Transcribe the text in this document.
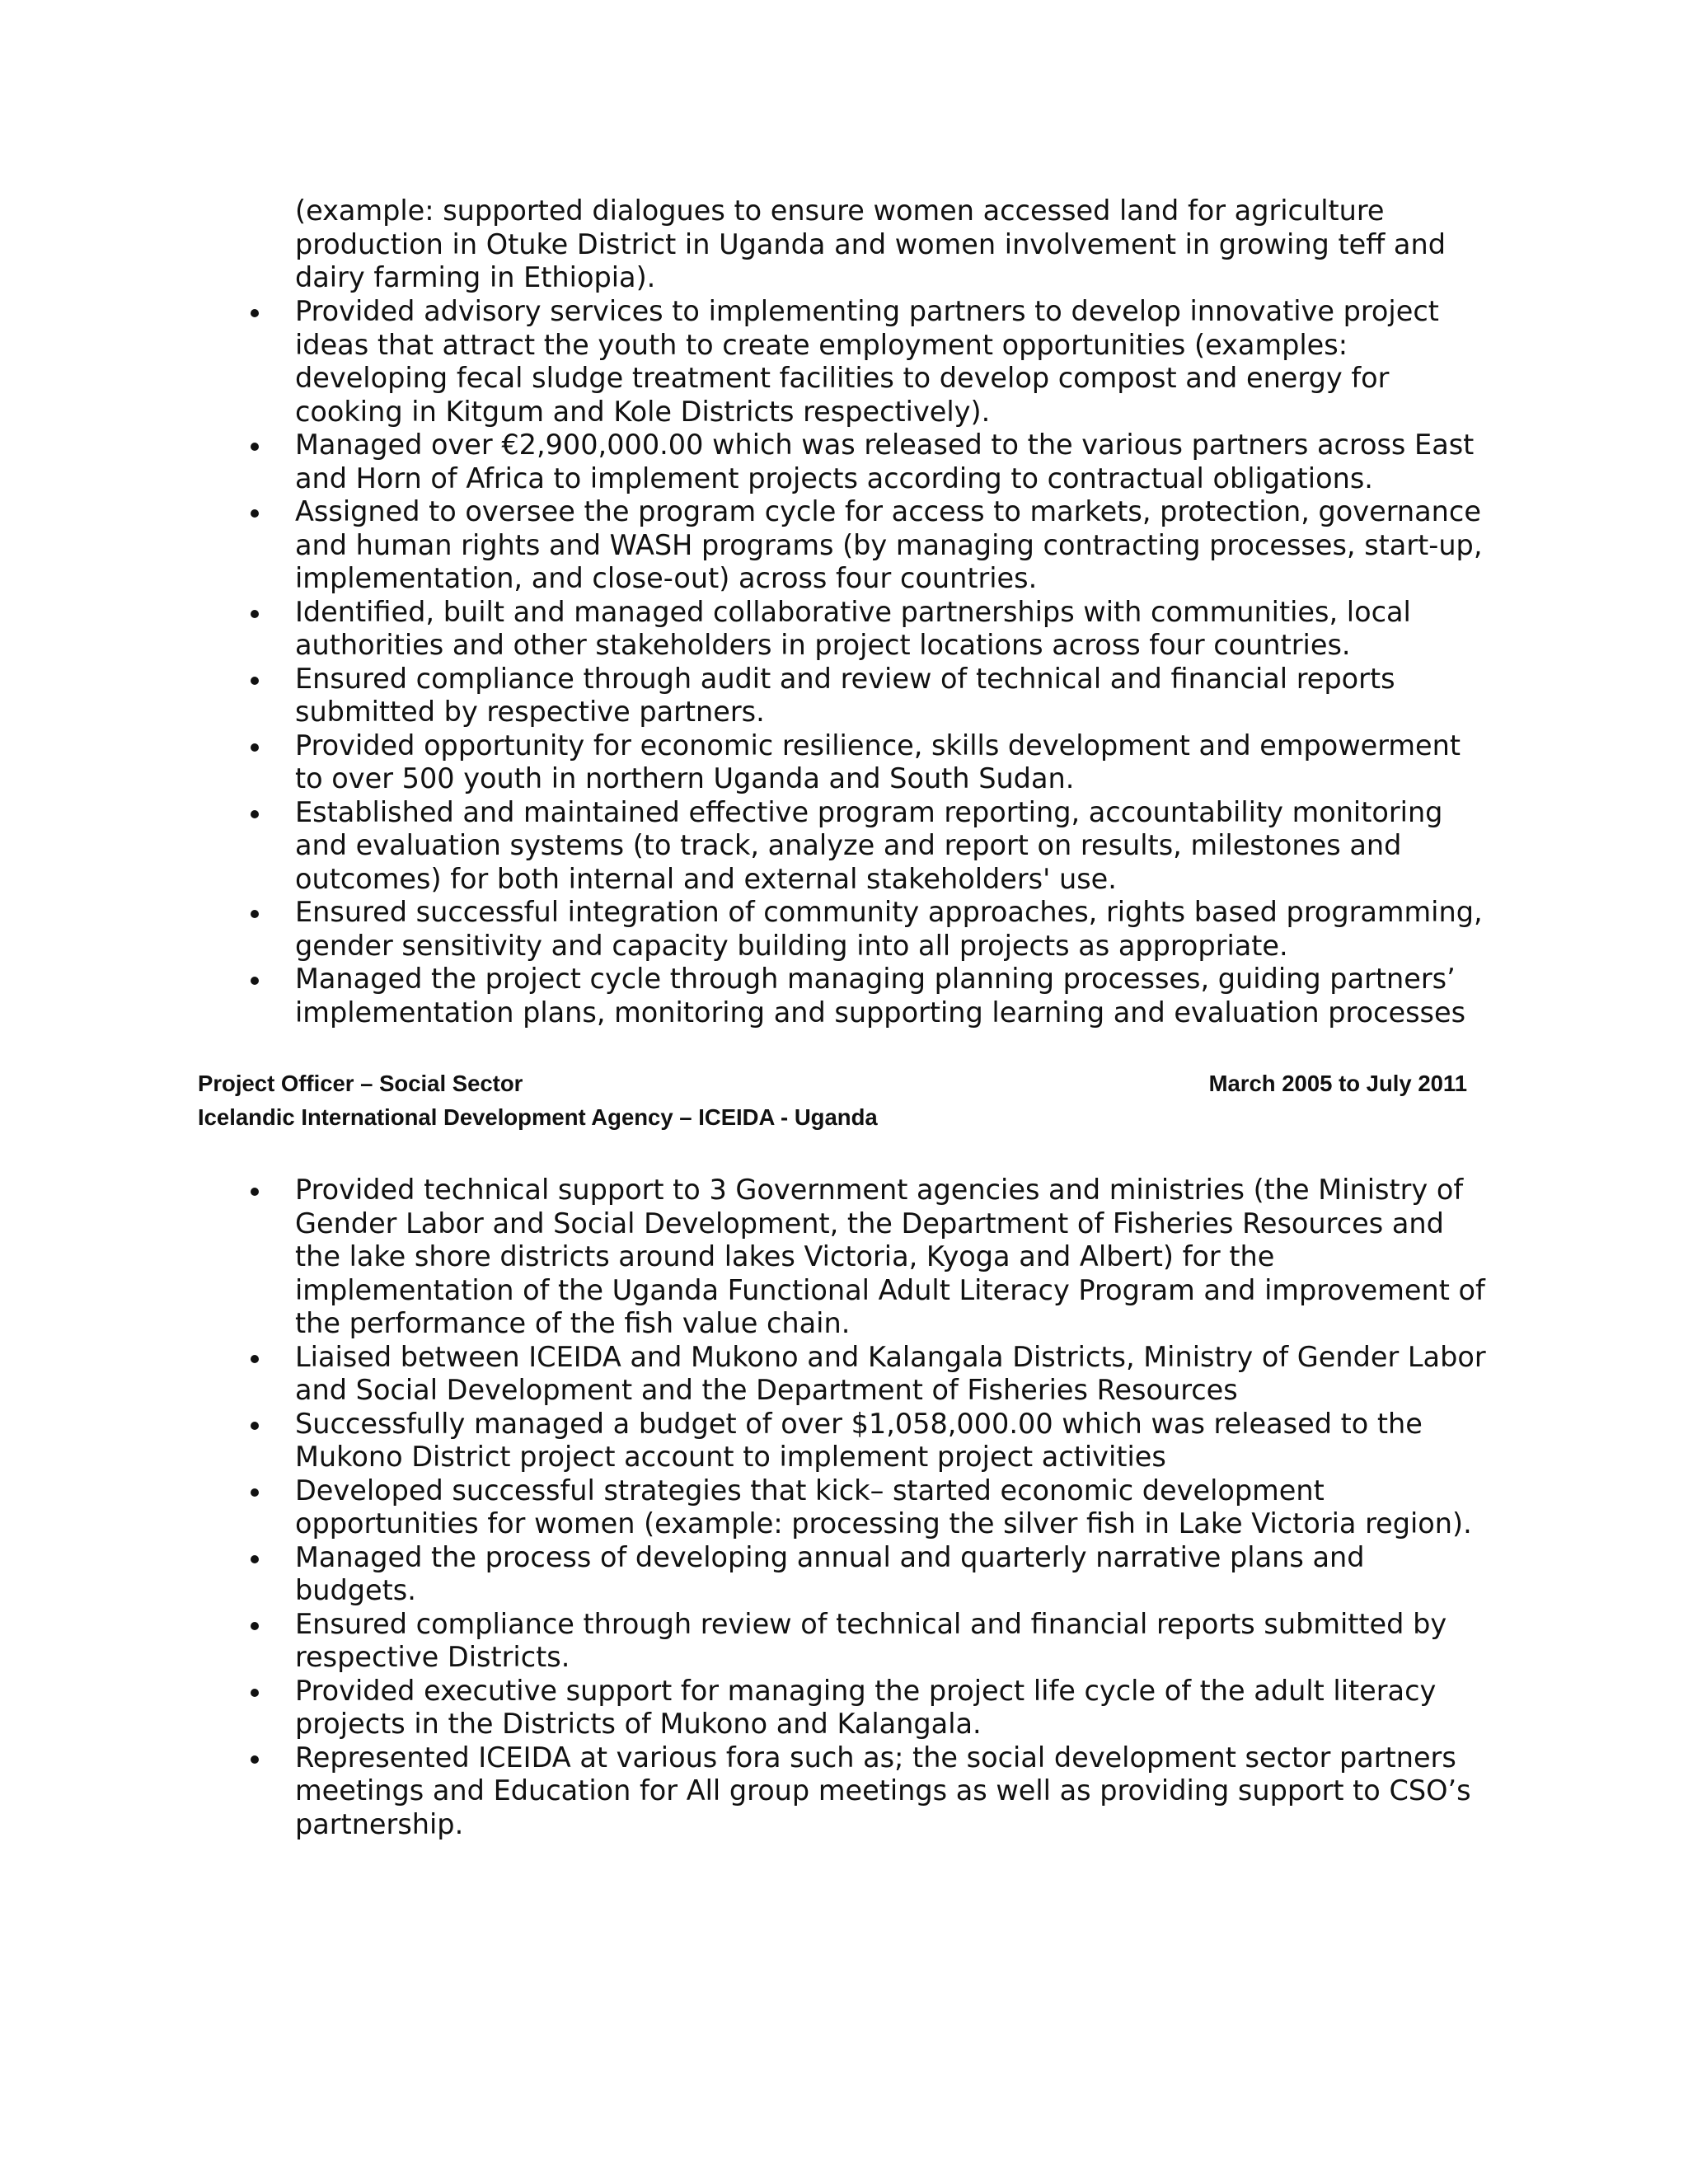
(example: supported dialogues to ensure women accessed land for agriculture production in Otuke District in Uganda and women involvement in growing teff and dairy farming in Ethiopia).

Provided advisory services to implementing partners to develop innovative project ideas that attract the youth to create employment opportunities (examples: developing fecal sludge treatment facilities to develop compost and energy for cooking in Kitgum and Kole Districts respectively).
Managed over €2,900,000.00 which was released to the various partners across East and Horn of Africa to implement projects according to contractual obligations.
Assigned to oversee the program cycle for access to markets, protection, governance and human rights and WASH programs (by managing contracting processes, start-up, implementation, and close-out) across four countries.
Identified, built and managed collaborative partnerships with communities, local authorities and other stakeholders in project locations across four countries.
Ensured compliance through audit and review of technical and financial reports submitted by respective partners.
Provided opportunity for economic resilience, skills development and empowerment to over 500 youth in northern Uganda and South Sudan.
Established and maintained effective program reporting, accountability monitoring and evaluation systems (to track, analyze and report on results, milestones and outcomes) for both internal and external stakeholders' use.
Ensured successful integration of community approaches, rights based programming, gender sensitivity and capacity building into all projects as appropriate.
Managed the project cycle through managing planning processes, guiding partners’ implementation plans, monitoring and supporting learning and evaluation processes
Project Officer – Social Sector	March 2005 to July 2011
Icelandic International Development Agency – ICEIDA - Uganda
Provided technical support to 3 Government agencies and ministries (the Ministry of Gender Labor and Social Development, the Department of Fisheries Resources and the lake shore districts around lakes Victoria, Kyoga and Albert) for the implementation of the Uganda Functional Adult Literacy Program and improvement of the performance of the fish value chain.
Liaised between ICEIDA and Mukono and Kalangala Districts, Ministry of Gender Labor and Social Development and the Department of Fisheries Resources
Successfully managed a budget of over $1,058,000.00 which was released to the Mukono District project account to implement project activities
Developed successful strategies that kick– started economic development opportunities for women (example: processing the silver fish in Lake Victoria region).
Managed the process of developing annual and quarterly narrative plans and budgets.
Ensured compliance through review of technical and financial reports submitted by respective Districts.
Provided executive support for managing the project life cycle of the adult literacy projects in the Districts of Mukono and Kalangala.
Represented ICEIDA at various fora such as; the social development sector partners meetings and Education for All group meetings as well as providing support to CSO’s partnership.
